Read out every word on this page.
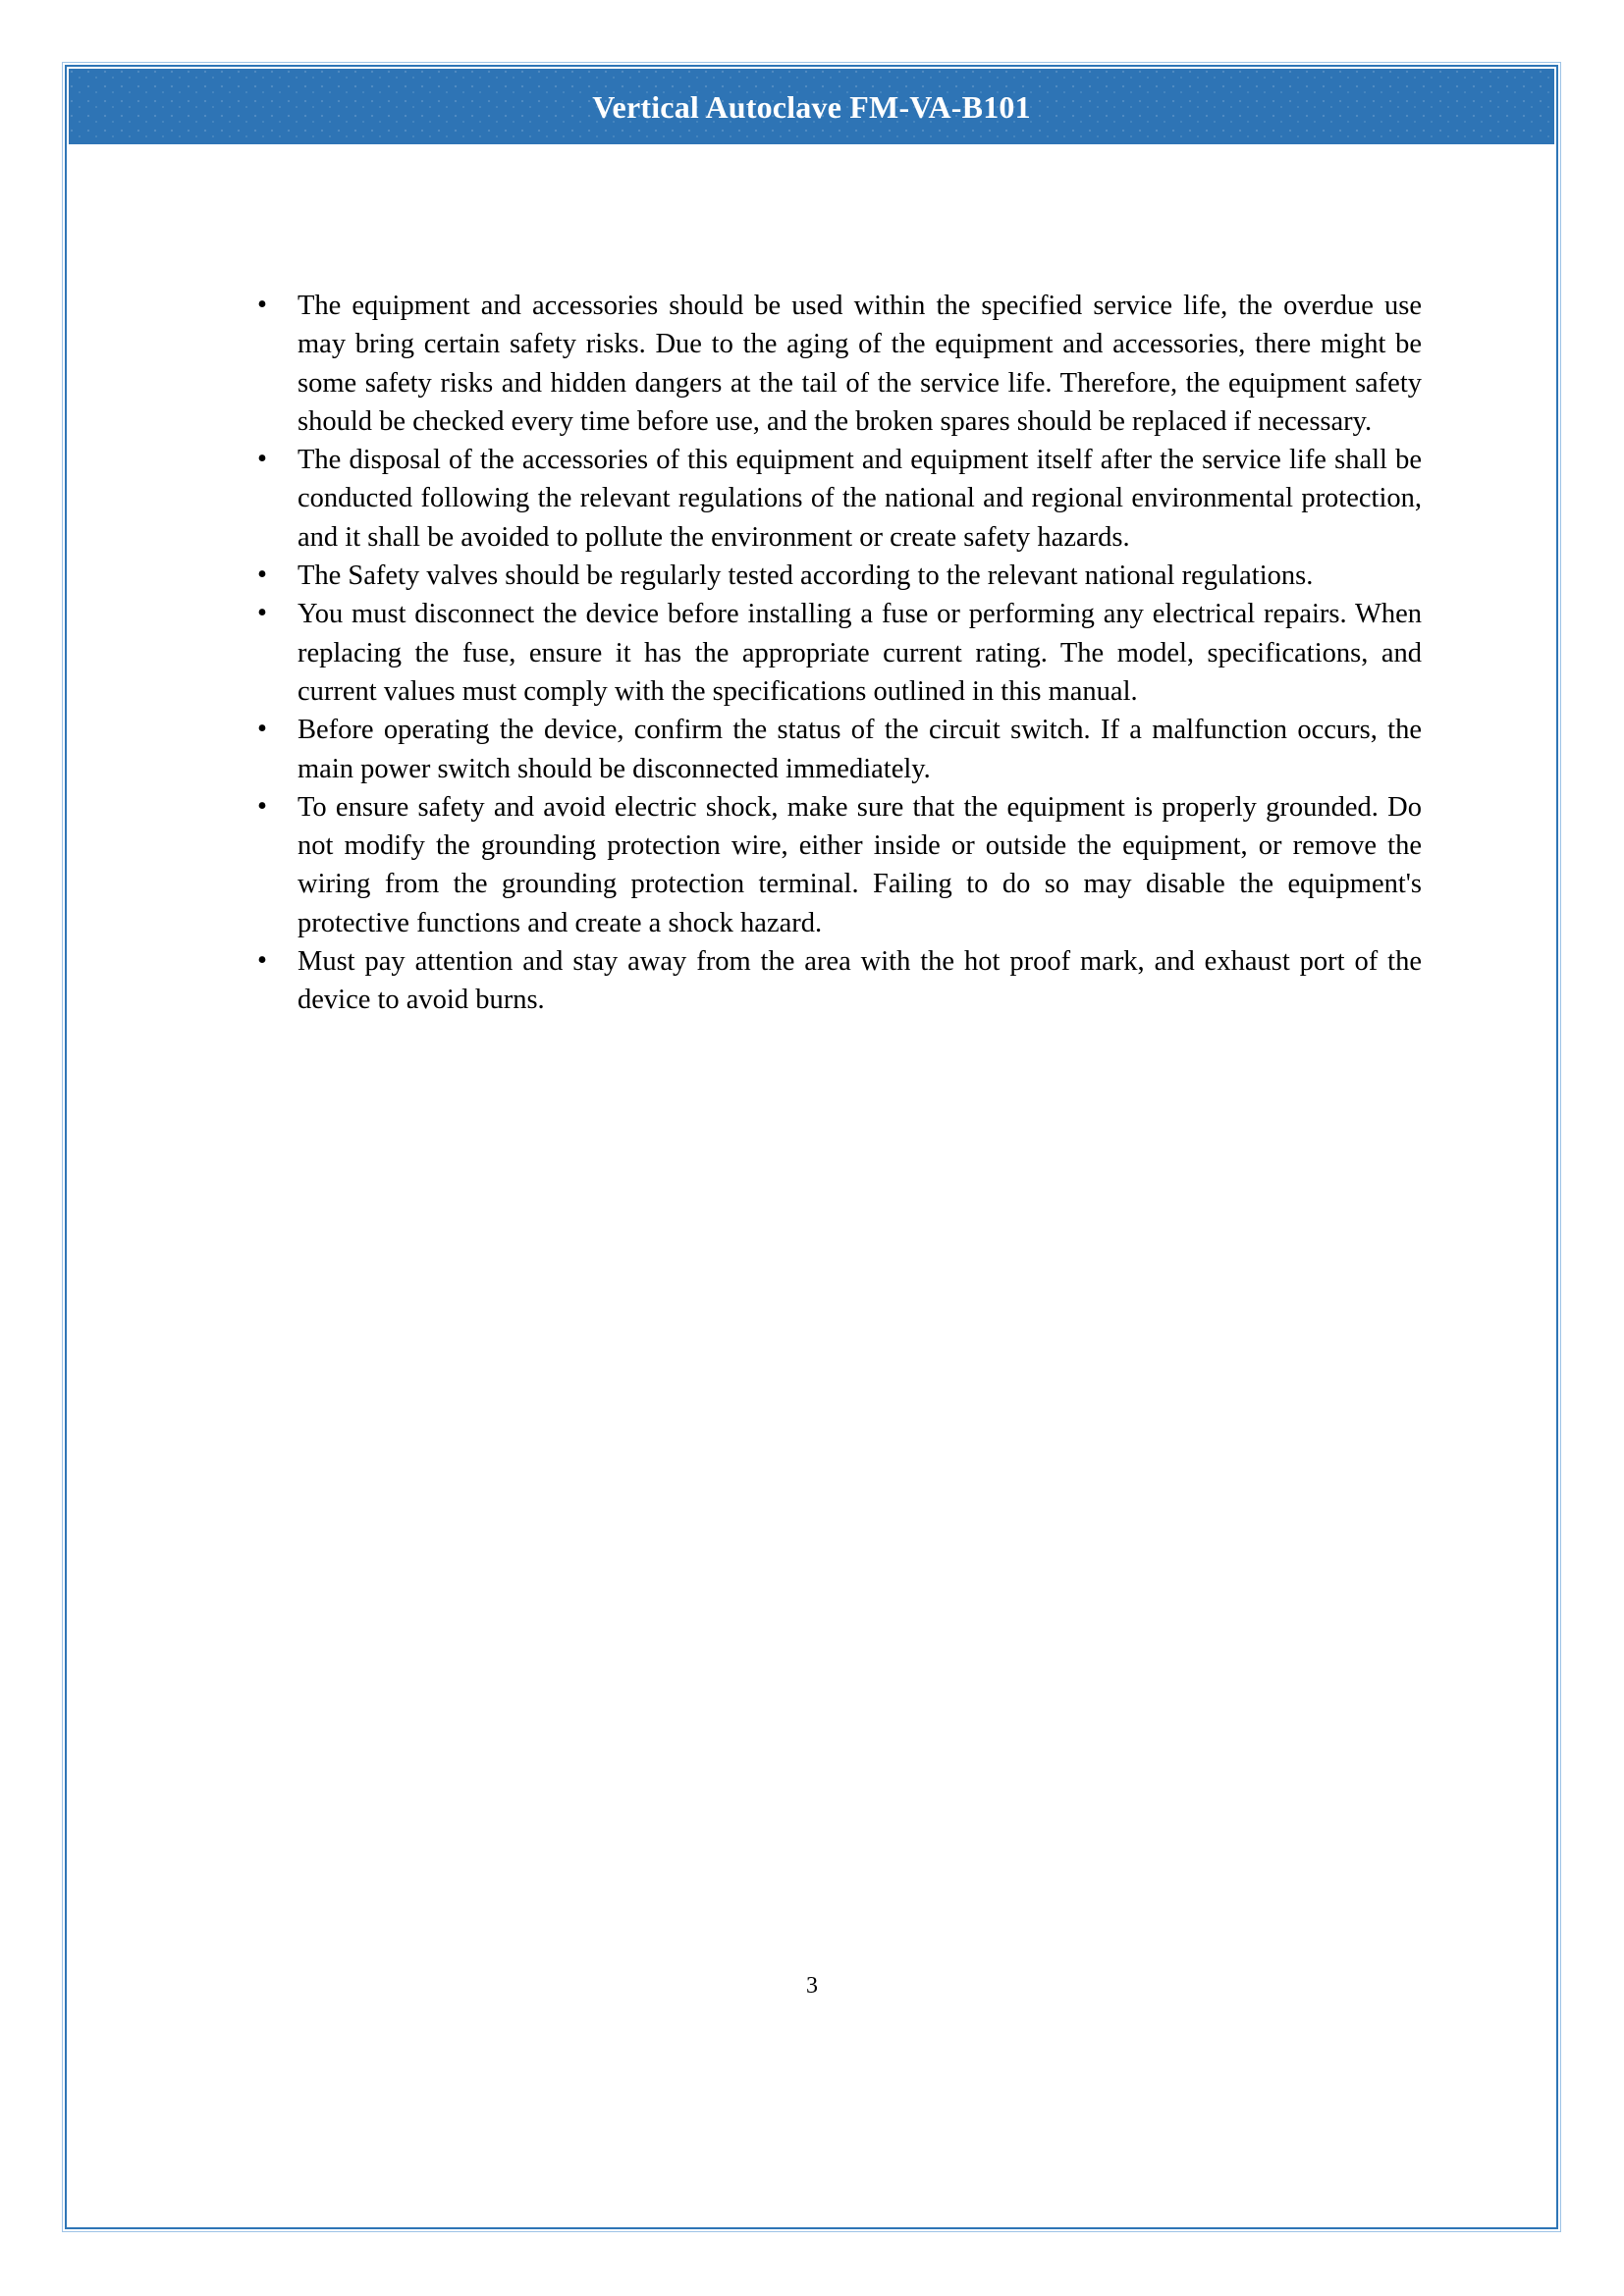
Vertical Autoclave FM-VA-B101
• The equipment and accessories should be used within the specified service life, the overdue use may bring certain safety risks. Due to the aging of the equipment and accessories, there might be some safety risks and hidden dangers at the tail of the service life. Therefore, the equipment safety should be checked every time before use, and the broken spares should be replaced if necessary.
• The disposal of the accessories of this equipment and equipment itself after the service life shall be conducted following the relevant regulations of the national and regional environmental protection, and it shall be avoided to pollute the environment or create safety hazards.
• The Safety valves should be regularly tested according to the relevant national regulations.
• You must disconnect the device before installing a fuse or performing any electrical repairs. When replacing the fuse, ensure it has the appropriate current rating. The model, specifications, and current values must comply with the specifications outlined in this manual.
• Before operating the device, confirm the status of the circuit switch. If a malfunction occurs, the main power switch should be disconnected immediately.
• To ensure safety and avoid electric shock, make sure that the equipment is properly grounded. Do not modify the grounding protection wire, either inside or outside the equipment, or remove the wiring from the grounding protection terminal. Failing to do so may disable the equipment's protective functions and create a shock hazard.
• Must pay attention and stay away from the area with the hot proof mark, and exhaust port of the device to avoid burns.
3
